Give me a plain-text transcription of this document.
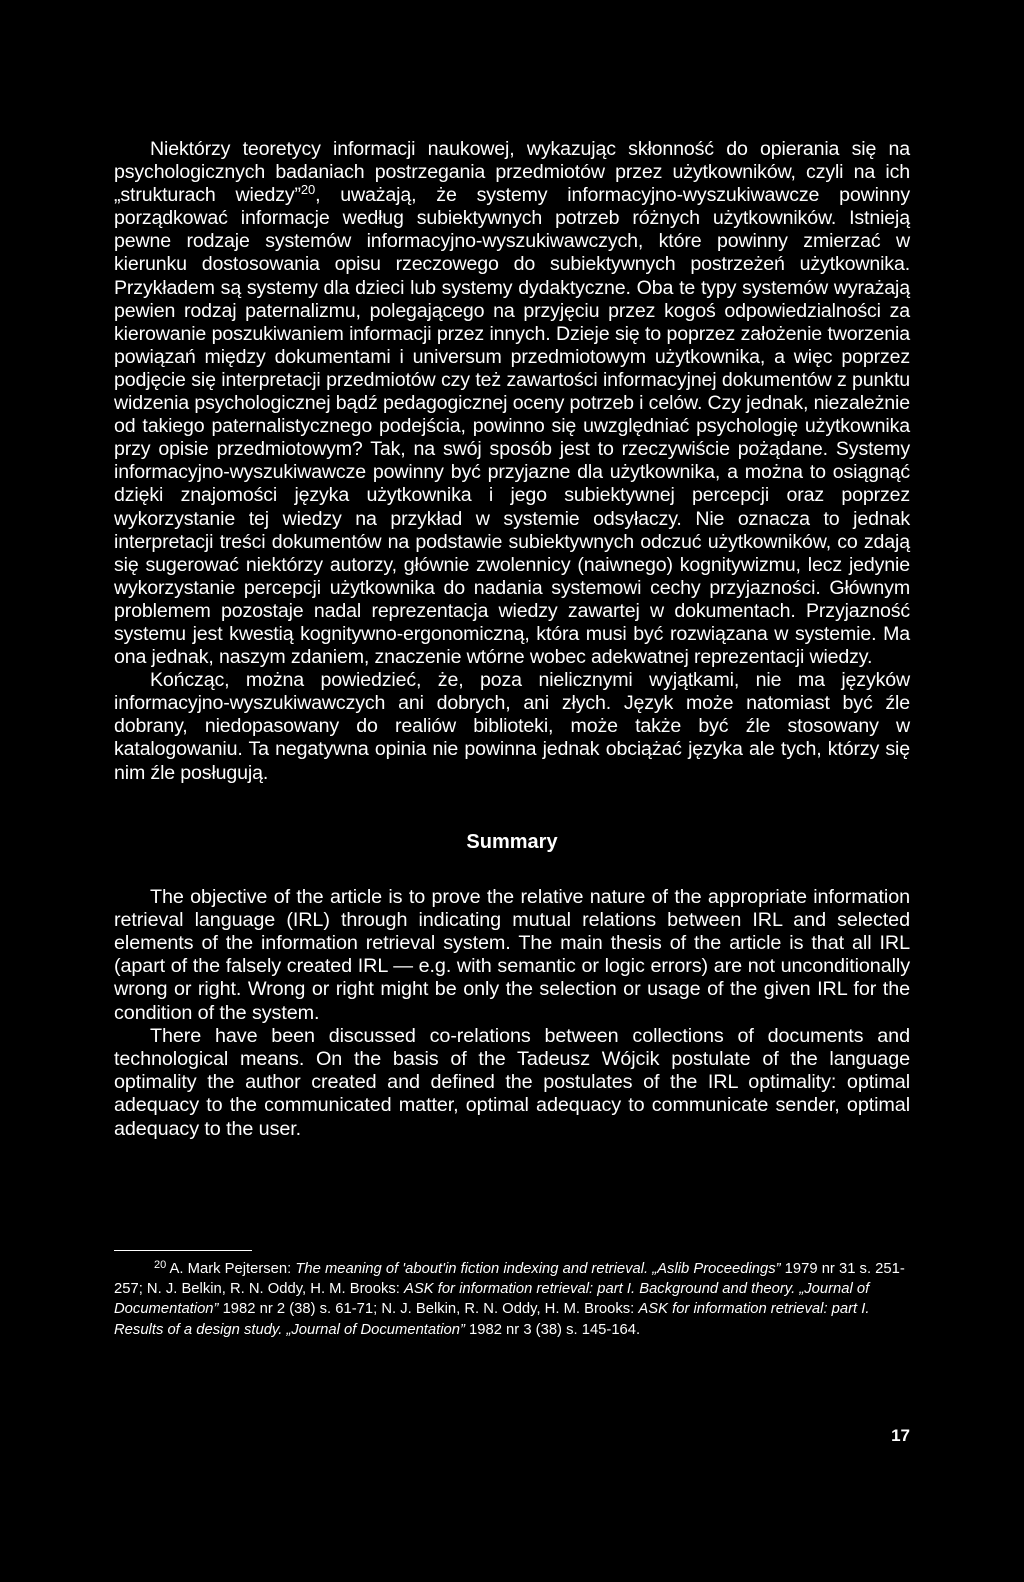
Niektórzy teoretycy informacji naukowej, wykazując skłonność do opierania się na psychologicznych badaniach postrzegania przedmiotów przez użytkowników, czyli na ich „strukturach wiedzy”$^{20}$, uważają, że systemy informacyjno-wyszukiwawcze powinny porządkować informacje według subiektywnych potrzeb różnych użytkowników. Istnieją pewne rodzaje systemów informacyjno-wyszukiwawczych, które powinny zmierzać w kierunku dostosowania opisu rzeczowego do subiektywnych postrzeżeń użytkownika. Przykładem są systemy dla dzieci lub systemy dydaktyczne. Oba te typy systemów wyrażają pewien rodzaj paternalizmu, polegającego na przyjęciu przez kogoś odpowiedzialności za kierowanie poszukiwaniem informacji przez innych. Dzieje się to poprzez założenie tworzenia powiązań między dokumentami i universum przedmiotowym użytkownika, a więc poprzez podjęcie się interpretacji przedmiotów czy też zawartości informacyjnej dokumentów z punktu widzenia psychologicznej bądź pedagogicznej oceny potrzeb i celów. Czy jednak, niezależnie od takiego paternalistycznego podejścia, powinno się uwzględniać psychologię użytkownika przy opisie przedmiotowym? Tak, na swój sposób jest to rzeczywiście pożądane. Systemy informacyjno-wyszukiwawcze powinny być przyjazne dla użytkownika, a można to osiągnąć dzięki znajomości języka użytkownika i jego subiektywnej percepcji oraz poprzez wykorzystanie tej wiedzy na przykład w systemie odsyłaczy. Nie oznacza to jednak interpretacji treści dokumentów na podstawie subiektywnych odczuć użytkowników, co zdają się sugerować niektórzy autorzy, głównie zwolennicy (naiwnego) kognitywizmu, lecz jedynie wykorzystanie percepcji użytkownika do nadania systemowi cechy przyjazności. Głównym problemem pozostaje nadal reprezentacja wiedzy zawartej w dokumentach. Przyjazność systemu jest kwestią kognitywno-ergonomiczną, która musi być rozwiązana w systemie. Ma ona jednak, naszym zdaniem, znaczenie wtórne wobec adekwatnej reprezentacji wiedzy.

Kończąc, można powiedzieć, że, poza nielicznymi wyjątkami, nie ma języków informacyjno-wyszukiwawczych ani dobrych, ani złych. Język może natomiast być źle dobrany, niedopasowany do realiów biblioteki, może także być źle stosowany w katalogowaniu. Ta negatywna opinia nie powinna jednak obciążać języka ale tych, którzy się nim źle posługują.

Summary

The objective of the article is to prove the relative nature of the appropriate information retrieval language (IRL) through indicating mutual relations between IRL and selected elements of the information retrieval system. The main thesis of the article is that all IRL (apart of the falsely created IRL — e.g. with semantic or logic errors) are not unconditionally wrong or right. Wrong or right might be only the selection or usage of the given IRL for the condition of the system.

There have been discussed co-relations between collections of documents and technological means. On the basis of the Tadeusz Wójcik postulate of the language optimality the author created and defined the postulates of the IRL optimality: optimal adequacy to the communicated matter, optimal adequacy to communicate sender, optimal adequacy to the user.

$^{20}$ A. Mark Pejtersen: The meaning of 'about'in fiction indexing and retrieval. „Aslib Proceedings” 1979 nr 31 s. 251-257; N. J. Belkin, R. N. Oddy, H. M. Brooks: ASK for information retrieval: part I. Background and theory. „Journal of Documentation” 1982 nr 2 (38) s. 61-71; N. J. Belkin, R. N. Oddy, H. M. Brooks: ASK for information retrieval: part I. Results of a design study. „Journal of Documentation” 1982 nr 3 (38) s. 145-164.

17
